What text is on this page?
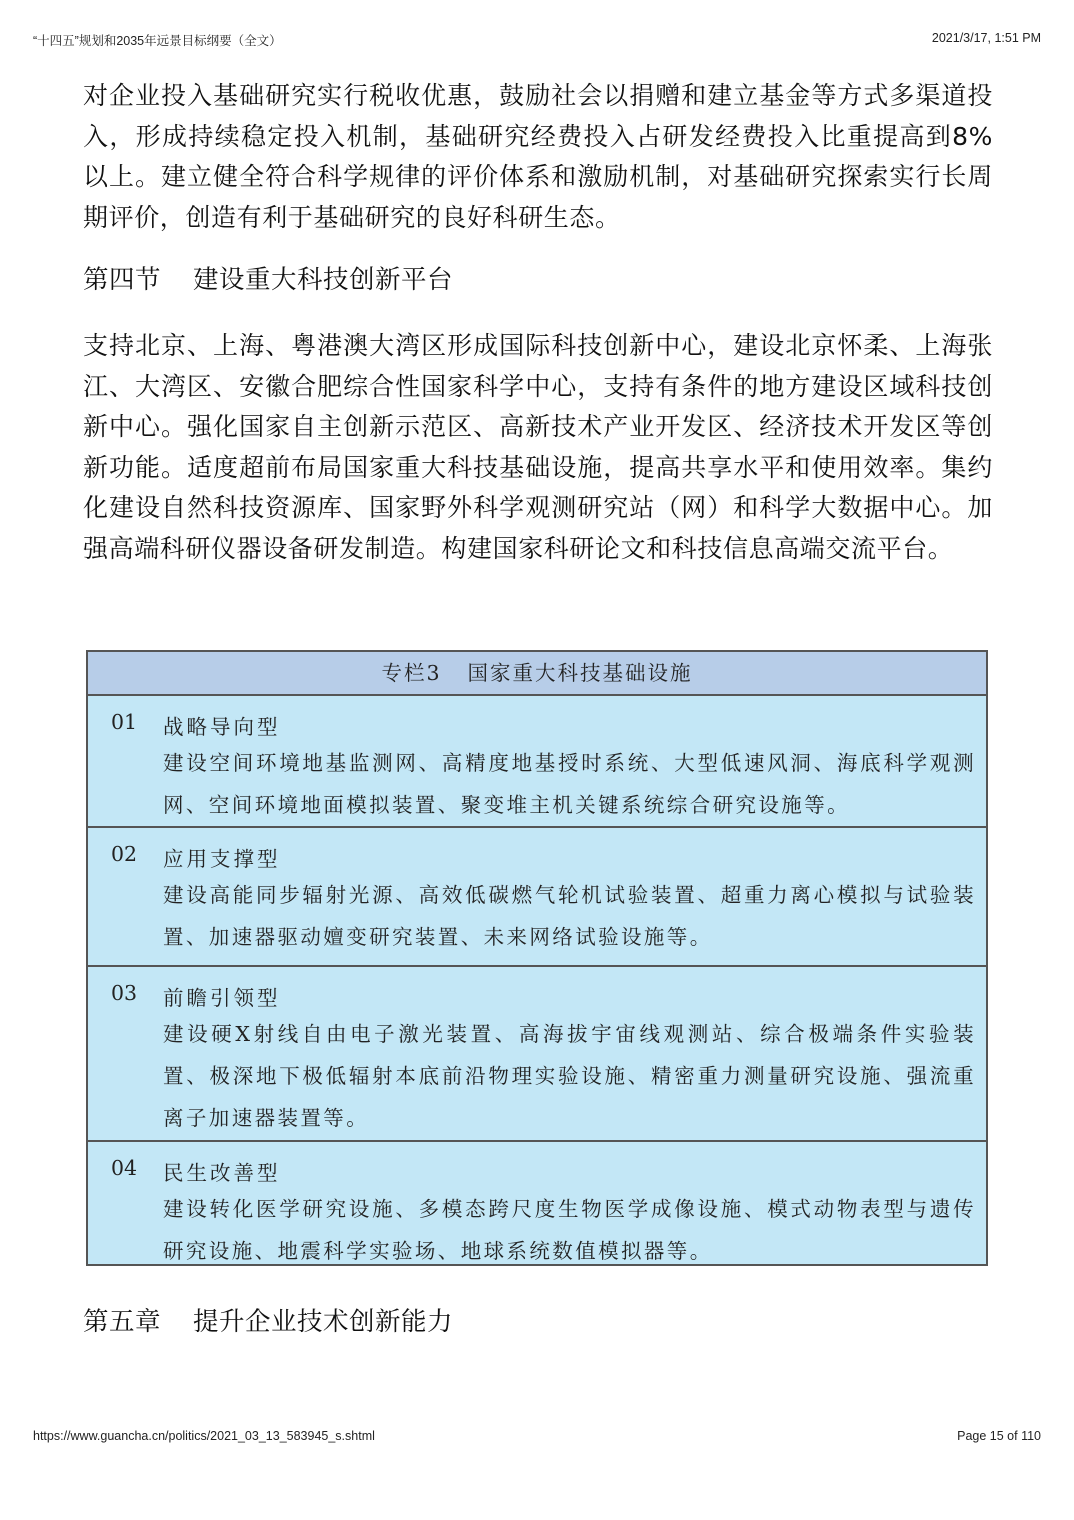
“十四五”规划和2035年远景目标纲要（全文）	2021/3/17, 1:51 PM

对企业投入基础研究实行税收优惠，鼓励社会以捐赠和建立基金等方式多渠道投入，形成持续稳定投入机制，基础研究经费投入占研发经费投入比重提高到8%以上。建立健全符合科学规律的评价体系和激励机制，对基础研究探索实行长周期评价，创造有利于基础研究的良好科研生态。

第四节 建设重大科技创新平台

支持北京、上海、粤港澳大湾区形成国际科技创新中心，建设北京怀柔、上海张江、大湾区、安徽合肥综合性国家科学中心，支持有条件的地方建设区域科技创新中心。强化国家自主创新示范区、高新技术产业开发区、经济技术开发区等创新功能。适度超前布局国家重大科技基础设施，提高共享水平和使用效率。集约化建设自然科技资源库、国家野外科学观测研究站（网）和科学大数据中心。加强高端科研仪器设备研发制造。构建国家科研论文和科技信息高端交流平台。

专栏3 国家重大科技基础设施
01 战略导向型
建设空间环境地基监测网、高精度地基授时系统、大型低速风洞、海底科学观测网、空间环境地面模拟装置、聚变堆主机关键系统综合研究设施等。
02 应用支撑型
建设高能同步辐射光源、高效低碳燃气轮机试验装置、超重力离心模拟与试验装置、加速器驱动嬗变研究装置、未来网络试验设施等。
03 前瞻引领型
建设硬X射线自由电子激光装置、高海拔宇宙线观测站、综合极端条件实验装置、极深地下极低辐射本底前沿物理实验设施、精密重力测量研究设施、强流重离子加速器装置等。
04 民生改善型
建设转化医学研究设施、多模态跨尺度生物医学成像设施、模式动物表型与遗传研究设施、地震科学实验场、地球系统数值模拟器等。
第五章 提升企业技术创新能力
https://www.guancha.cn/politics/2021_03_13_583945_s.shtml	Page 15 of 110
